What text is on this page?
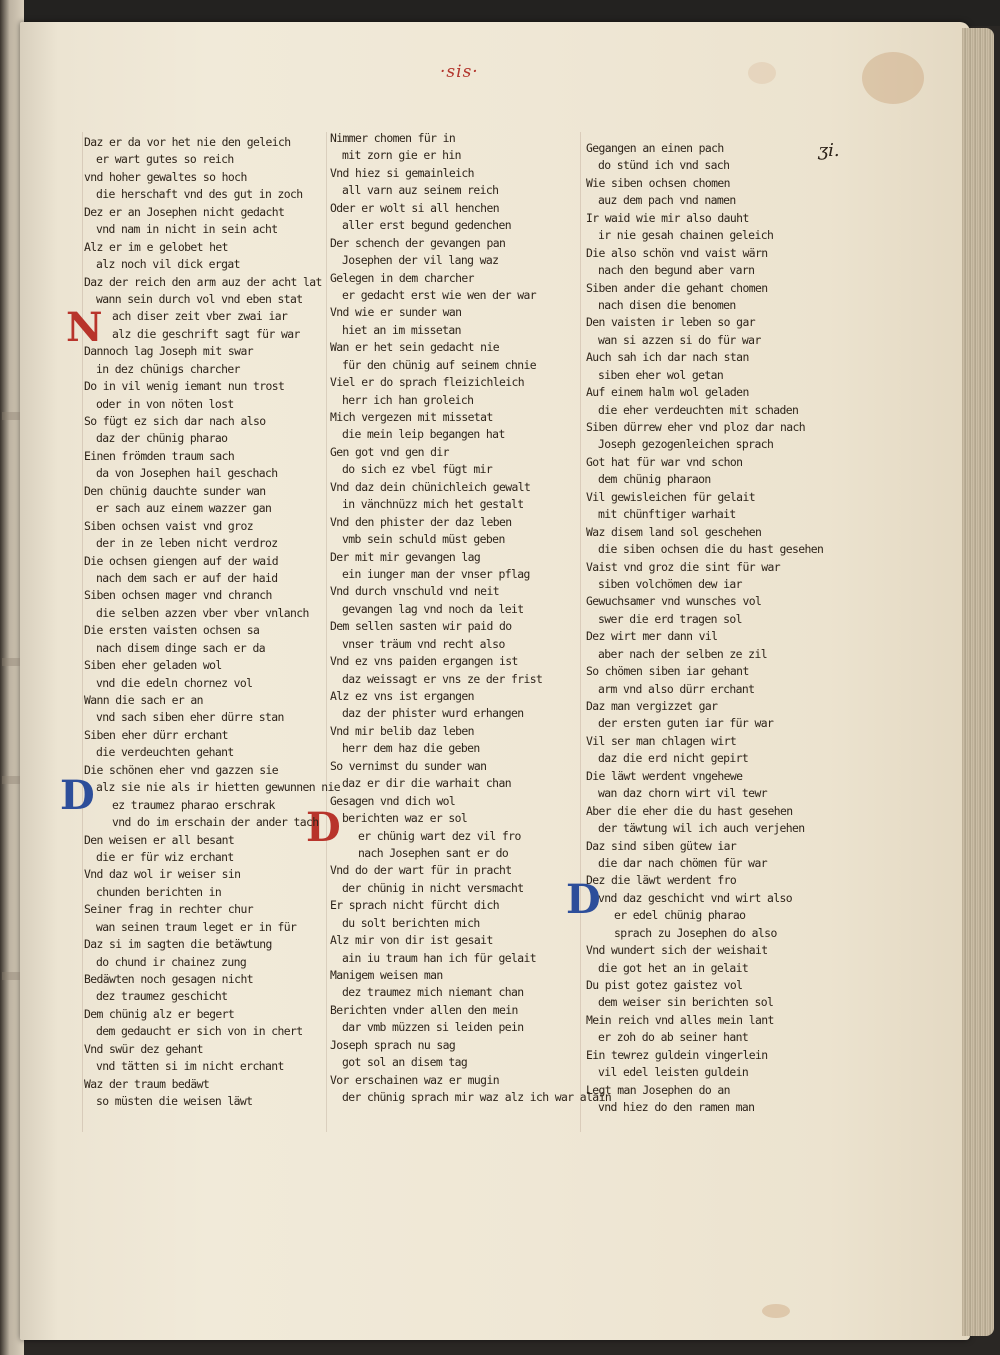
·sis·
ʒi.
N
D
D
D
Daz er da vor het nie den geleich
er wart gutes so reich
vnd hoher gewaltes so hoch
die herschaft vnd des gut in zoch
Dez er an Josephen nicht gedacht
vnd nam in nicht in sein acht
Alz er im e gelobet het
alz noch vil dick ergat
Daz der reich den arm auz der acht lat
wann sein durch vol vnd eben stat
ach diser zeit vber zwai iar
alz die geschrift sagt für war
Dannoch lag Joseph mit swar
in dez chünigs charcher
Do in vil wenig iemant nun trost
oder in von nöten lost
So fügt ez sich dar nach also
daz der chünig pharao
Einen frömden traum sach
da von Josephen hail geschach
Den chünig dauchte sunder wan
er sach auz einem wazzer gan
Siben ochsen vaist vnd groz
der in ze leben nicht verdroz
Die ochsen giengen auf der waid
nach dem sach er auf der haid
Siben ochsen mager vnd chranch
die selben azzen vber vber vnlanch
Die ersten vaisten ochsen sa
nach disem dinge sach er da
Siben eher geladen wol
vnd die edeln chornez vol
Wann die sach er an
vnd sach siben eher dürre stan
Siben eher dürr erchant
die verdeuchten gehant
Die schönen eher vnd gazzen sie
alz sie nie als ir hietten gewunnen nie
ez traumez pharao erschrak
vnd do im erschain der ander tach
Den weisen er all besant
die er für wiz erchant
Vnd daz wol ir weiser sin
chunden berichten in
Seiner frag in rechter chur
wan seinen traum leget er in für
Daz si im sagten die betäwtung
do chund ir chainez zung
Bedäwten noch gesagen nicht
dez traumez geschicht
Dem chünig alz er begert
dem gedaucht er sich von in chert
Vnd swür dez gehant
vnd tätten si im nicht erchant
Waz der traum bedäwt
so müsten die weisen läwt
Nimmer chomen für in
mit zorn gie er hin
Vnd hiez si gemainleich
all varn auz seinem reich
Oder er wolt si all henchen
aller erst begund gedenchen
Der schench der gevangen pan
Josephen der vil lang waz
Gelegen in dem charcher
er gedacht erst wie wen der war
Vnd wie er sunder wan
hiet an im missetan
Wan er het sein gedacht nie
für den chünig auf seinem chnie
Viel er do sprach fleizichleich
herr ich han groleich
Mich vergezen mit missetat
die mein leip begangen hat
Gen got vnd gen dir
do sich ez vbel fügt mir
Vnd daz dein chünichleich gewalt
in vänchnüzz mich het gestalt
Vnd den phister der daz leben
vmb sein schuld müst geben
Der mit mir gevangen lag
ein iunger man der vnser pflag
Vnd durch vnschuld vnd neit
gevangen lag vnd noch da leit
Dem sellen sasten wir paid do
vnser träum vnd recht also
Vnd ez vns paiden ergangen ist
daz weissagt er vns ze der frist
Alz ez vns ist ergangen
daz der phister wurd erhangen
Vnd mir belib daz leben
herr dem haz die geben
So vernimst du sunder wan
daz er dir die warhait chan
Gesagen vnd dich wol
berichten waz er sol
er chünig wart dez vil fro
nach Josephen sant er do
Vnd do der wart für in pracht
der chünig in nicht versmacht
Er sprach nicht fürcht dich
du solt berichten mich
Alz mir von dir ist gesait
ain iu traum han ich für gelait
Manigem weisen man
dez traumez mich niemant chan
Berichten vnder allen den mein
dar vmb müzzen si leiden pein
Joseph sprach nu sag
got sol an disem tag
Vor erschainen waz er mugin
der chünig sprach mir waz alz ich war alain
Gegangen an einen pach
do stünd ich vnd sach
Wie siben ochsen chomen
auz dem pach vnd namen
Ir waid wie mir also dauht
ir nie gesah chainen geleich
Die also schön vnd vaist wärn
nach den begund aber varn
Siben ander die gehant chomen
nach disen die benomen
Den vaisten ir leben so gar
wan si azzen si do für war
Auch sah ich dar nach stan
siben eher wol getan
Auf einem halm wol geladen
die eher verdeuchten mit schaden
Siben dürrew eher vnd ploz dar nach
Joseph gezogenleichen sprach
Got hat für war vnd schon
dem chünig pharaon
Vil gewisleichen für gelait
mit chünftiger warhait
Waz disem land sol geschehen
die siben ochsen die du hast gesehen
Vaist vnd groz die sint für war
siben volchömen dew iar
Gewuchsamer vnd wunsches vol
swer die erd tragen sol
Dez wirt mer dann vil
aber nach der selben ze zil
So chömen siben iar gehant
arm vnd also dürr erchant
Daz man vergizzet gar
der ersten guten iar für war
Vil ser man chlagen wirt
daz die erd nicht gepirt
Die läwt werdent vngehewe
wan daz chorn wirt vil tewr
Aber die eher die du hast gesehen
der täwtung wil ich auch verjehen
Daz sind siben gütew iar
die dar nach chömen für war
Dez die läwt werdent fro
vnd daz geschicht vnd wirt also
er edel chünig pharao
sprach zu Josephen do also
Vnd wundert sich der weishait
die got het an in gelait
Du pist gotez gaistez vol
dem weiser sin berichten sol
Mein reich vnd alles mein lant
er zoh do ab seiner hant
Ein tewrez guldein vingerlein
vil edel leisten guldein
Legt man Josephen do an
vnd hiez do den ramen man
